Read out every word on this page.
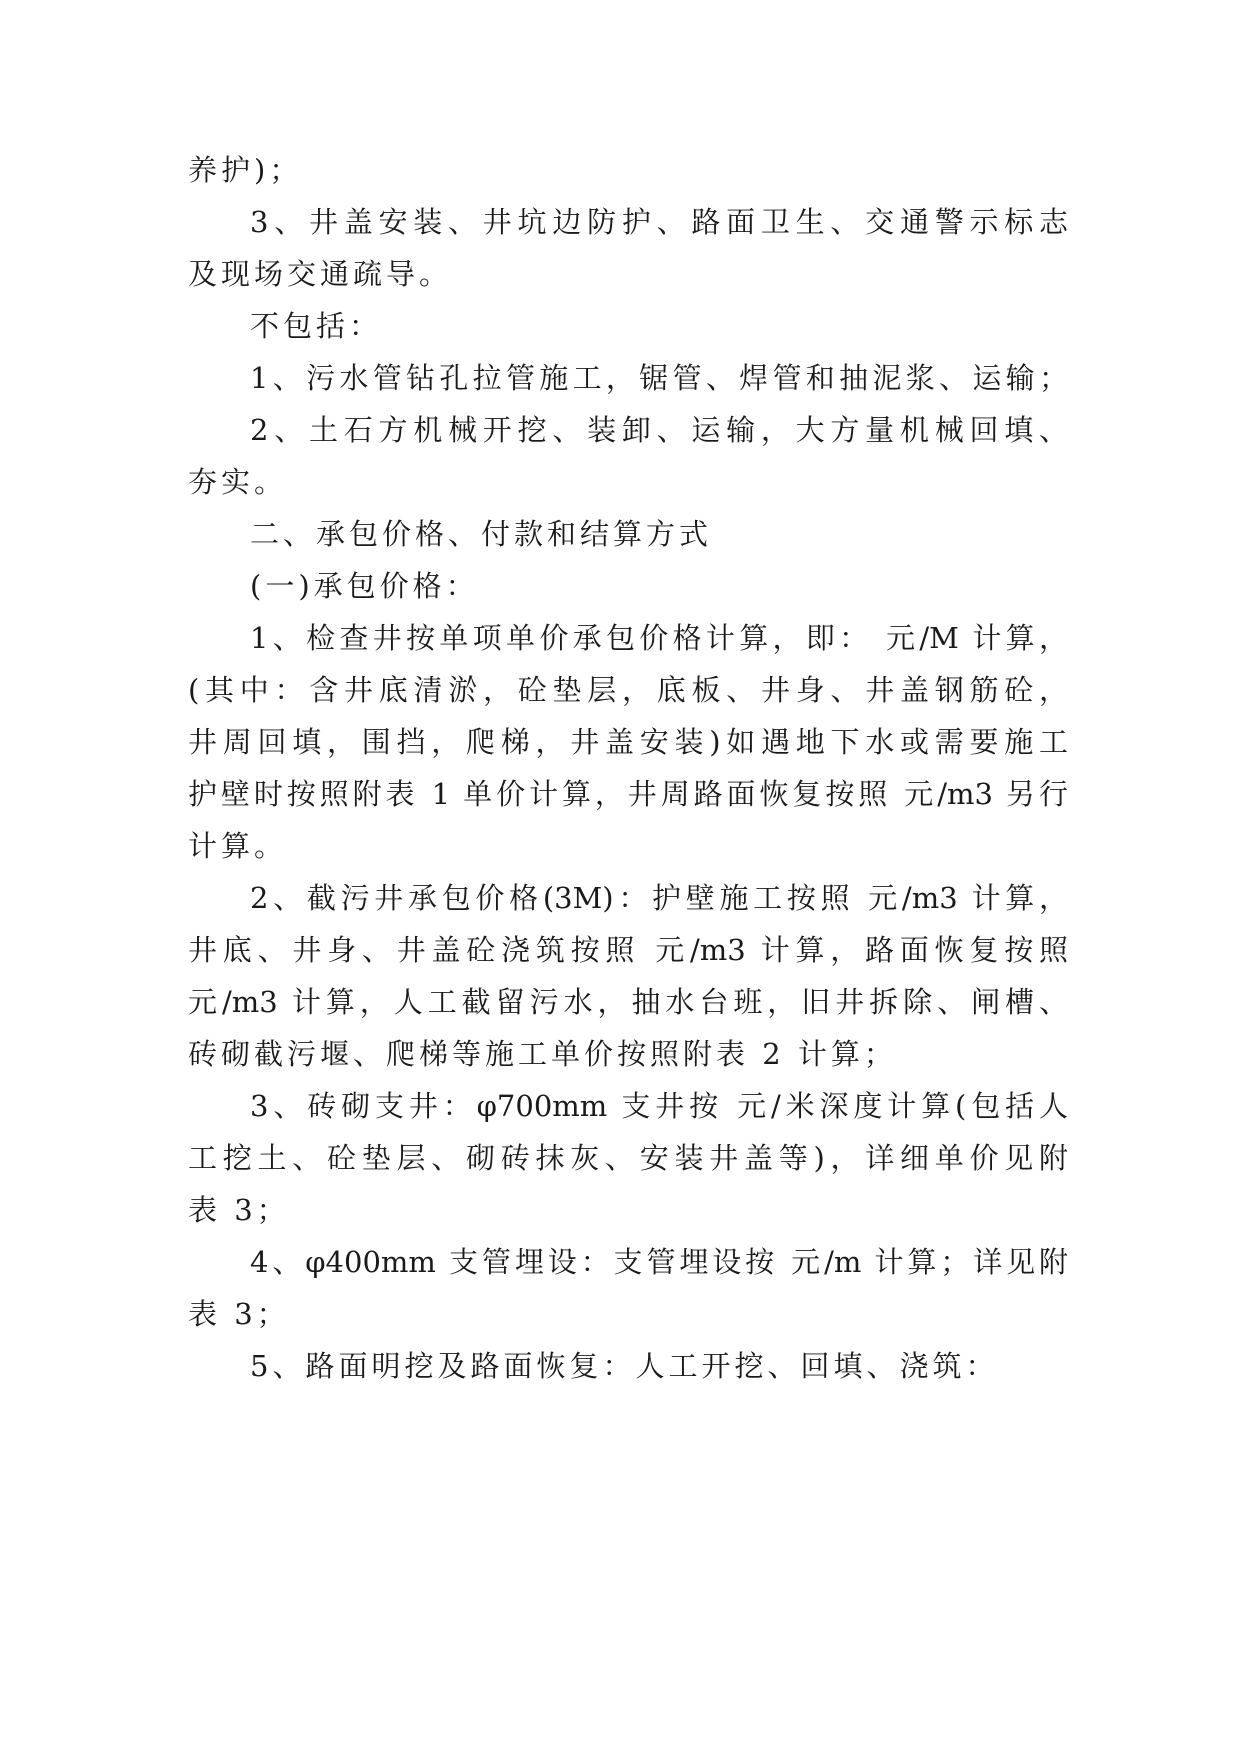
养护)；
3、井盖安装、井坑边防护、路面卫生、交通警示标志
及现场交通疏导。
不包括：
1、污水管钻孔拉管施工，锯管、焊管和抽泥浆、运输；
2、土石方机械开挖、装卸、运输，大方量机械回填、
夯实。
二、承包价格、付款和结算方式
(一)承包价格：
1、检查井按单项单价承包价格计算，即： 元/M 计算，
(其中：含井底清淤，砼垫层，底板、井身、井盖钢筋砼，
井周回填，围挡，爬梯，井盖安装)如遇地下水或需要施工
护壁时按照附表 1 单价计算，井周路面恢复按照 元/m3 另行
计算。
2、截污井承包价格(3M)：护壁施工按照 元/m3 计算，
井底、井身、井盖砼浇筑按照 元/m3 计算，路面恢复按照
元/m3 计算，人工截留污水，抽水台班，旧井拆除、闸槽、
砖砌截污堰、爬梯等施工单价按照附表 2 计算；
3、砖砌支井：φ700mm 支井按 元/米深度计算(包括人
工挖土、砼垫层、砌砖抹灰、安装井盖等)，详细单价见附
表 3；
4、φ400mm 支管埋设：支管埋设按 元/m 计算；详见附
表 3；
5、路面明挖及路面恢复：人工开挖、回填、浇筑：
